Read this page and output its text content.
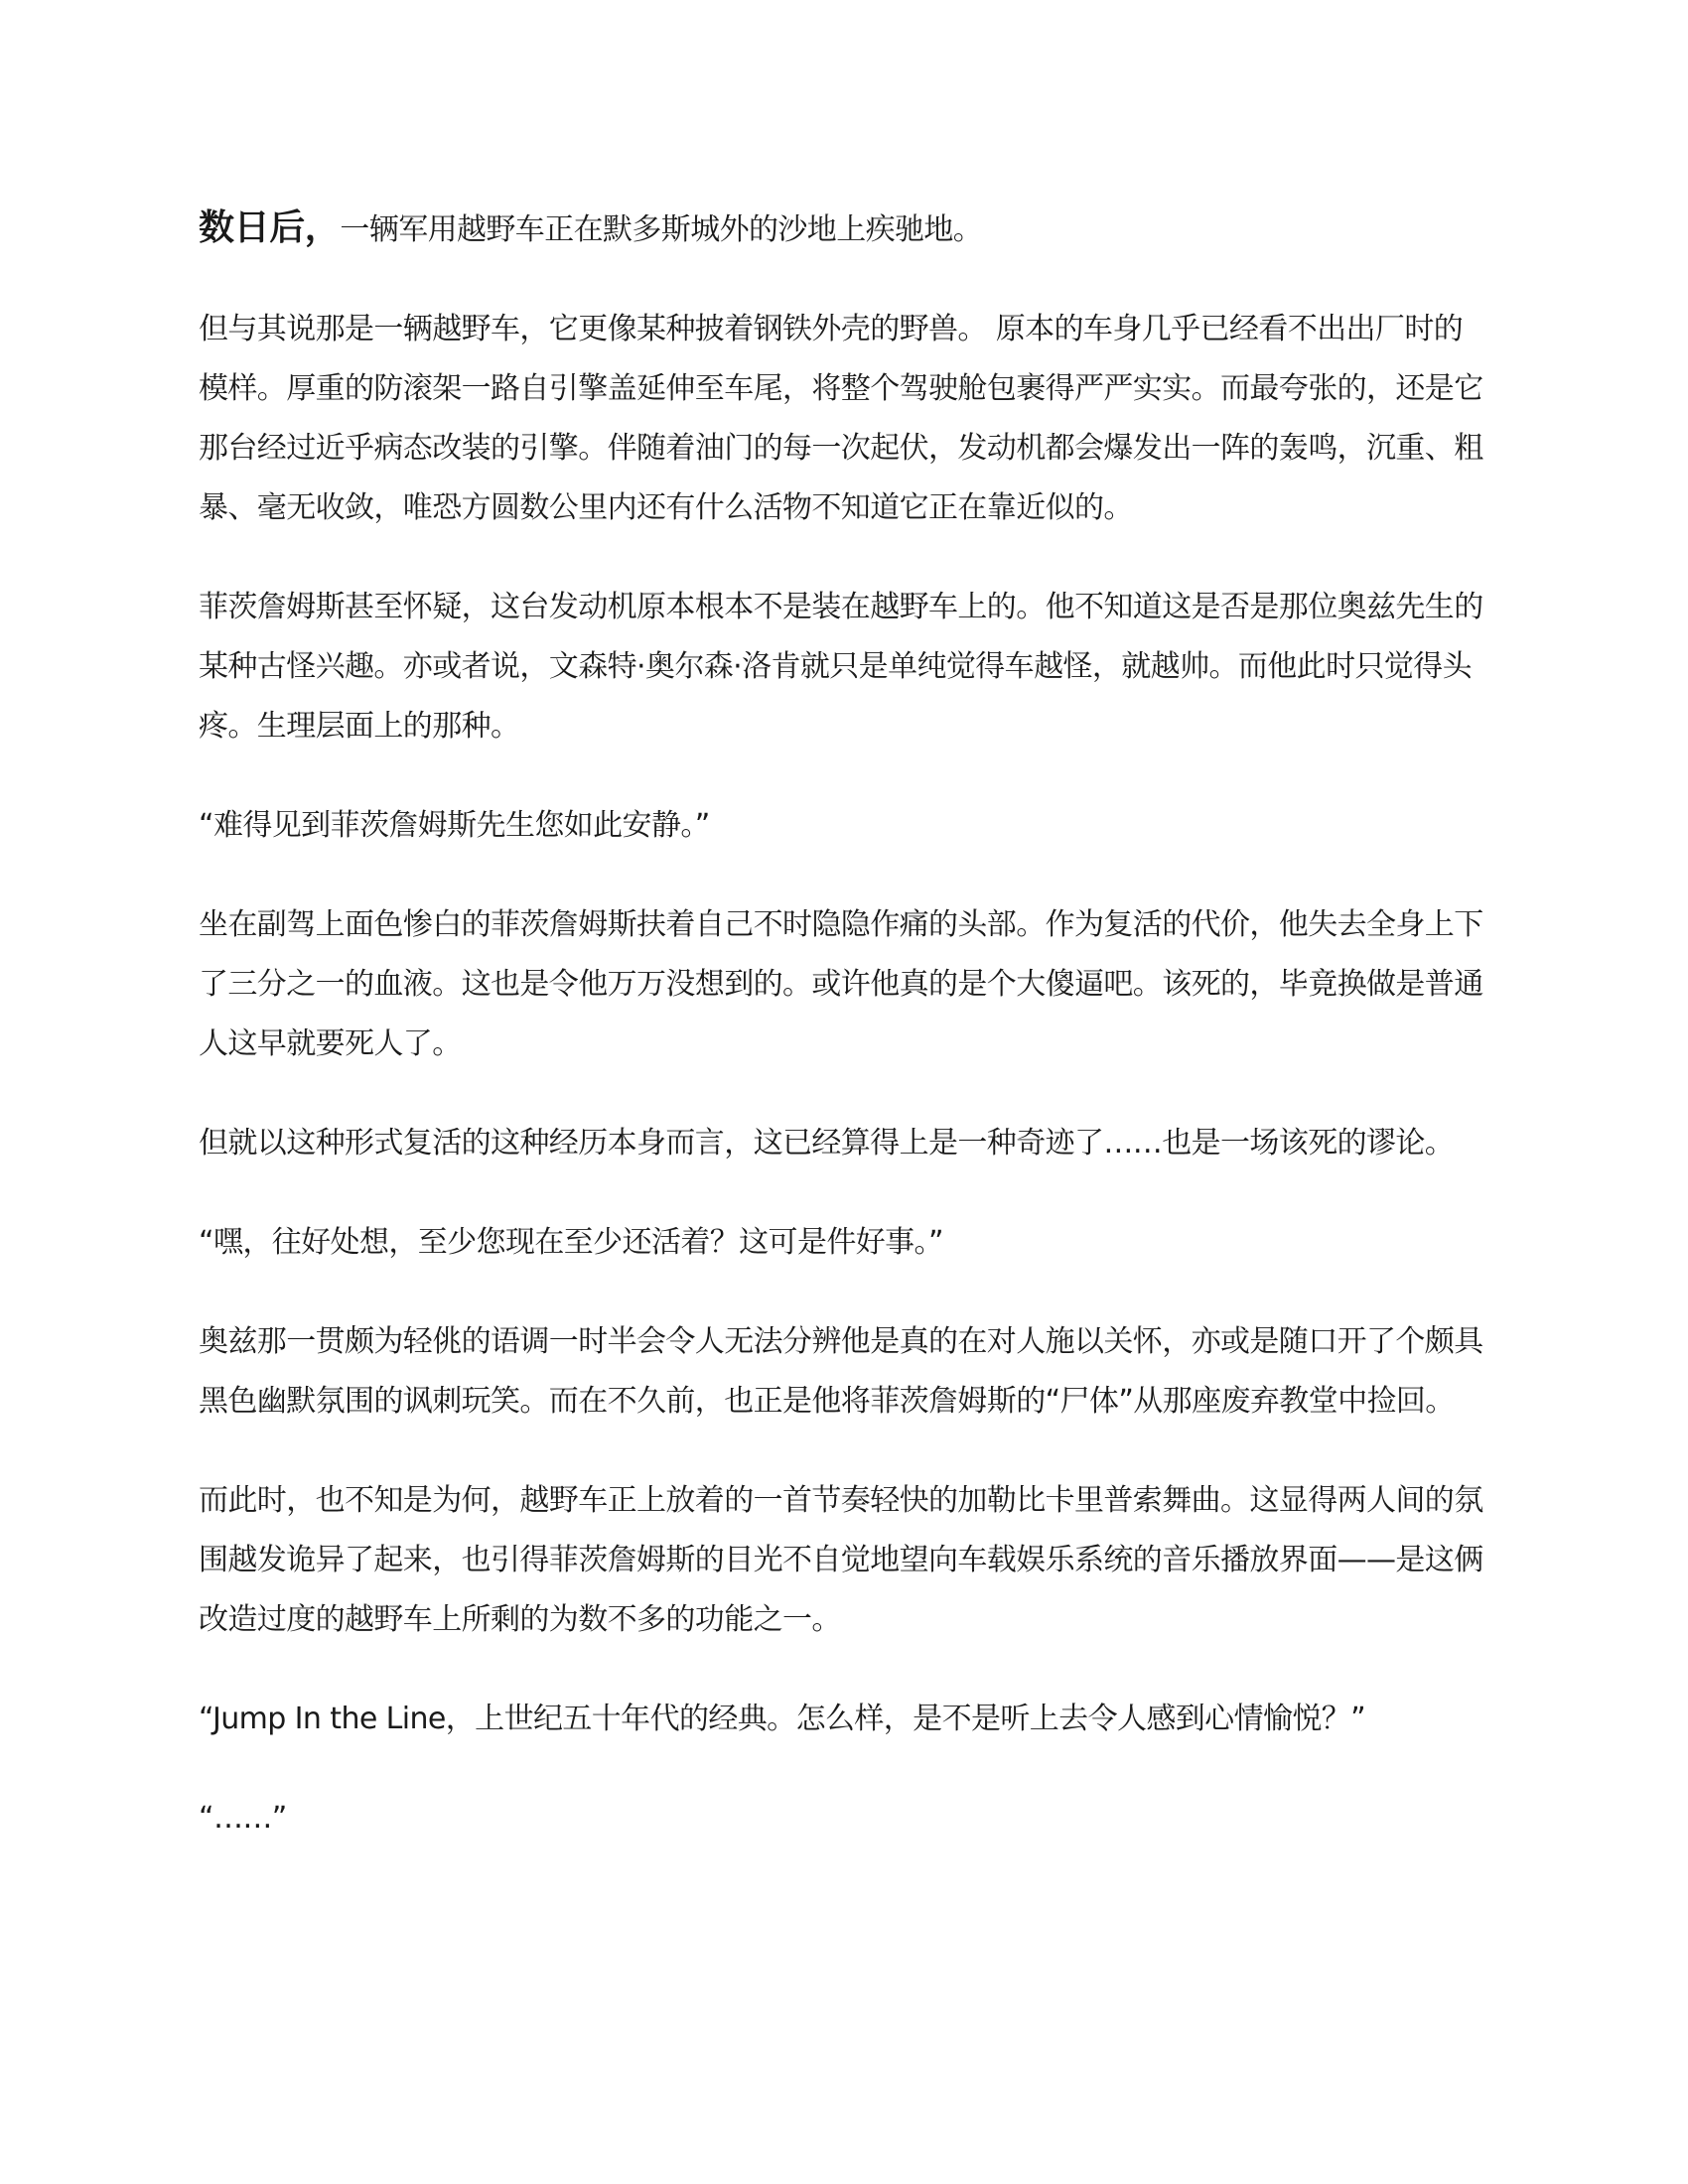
数日后，一辆军用越野车正在默多斯城外的沙地上疾驰地。

但与其说那是一辆越野车，它更像某种披着钢铁外壳的野兽。 原本的车身几乎已经看不出出厂时的模样。厚重的防滚架一路自引擎盖延伸至车尾，将整个驾驶舱包裹得严严实实。而最夸张的，还是它那台经过近乎病态改装的引擎。伴随着油门的每一次起伏，发动机都会爆发出一阵的轰鸣，沉重、粗暴、毫无收敛，唯恐方圆数公里内还有什么活物不知道它正在靠近似的。

菲茨詹姆斯甚至怀疑，这台发动机原本根本不是装在越野车上的。他不知道这是否是那位奥兹先生的某种古怪兴趣。亦或者说，文森特·奥尔森·洛肯就只是单纯觉得车越怪，就越帅。而他此时只觉得头疼。生理层面上的那种。

“难得见到菲茨詹姆斯先生您如此安静。”

坐在副驾上面色惨白的菲茨詹姆斯扶着自己不时隐隐作痛的头部。作为复活的代价，他失去全身上下了三分之一的血液。这也是令他万万没想到的。或许他真的是个大傻逼吧。该死的，毕竟换做是普通人这早就要死人了。

但就以这种形式复活的这种经历本身而言，这已经算得上是一种奇迹了……也是一场该死的谬论。

“嘿，往好处想，至少您现在至少还活着？这可是件好事。”

奥兹那一贯颇为轻佻的语调一时半会令人无法分辨他是真的在对人施以关怀，亦或是随口开了个颇具黑色幽默氛围的讽刺玩笑。而在不久前，也正是他将菲茨詹姆斯的“尸体”从那座废弃教堂中捡回。

而此时，也不知是为何，越野车正上放着的一首节奏轻快的加勒比卡里普索舞曲。这显得两人间的氛围越发诡异了起来，也引得菲茨詹姆斯的目光不自觉地望向车载娱乐系统的音乐播放界面——是这俩改造过度的越野车上所剩的为数不多的功能之一。

“Jump In the Line，上世纪五十年代的经典。怎么样，是不是听上去令人感到心情愉悦？”

“……”
